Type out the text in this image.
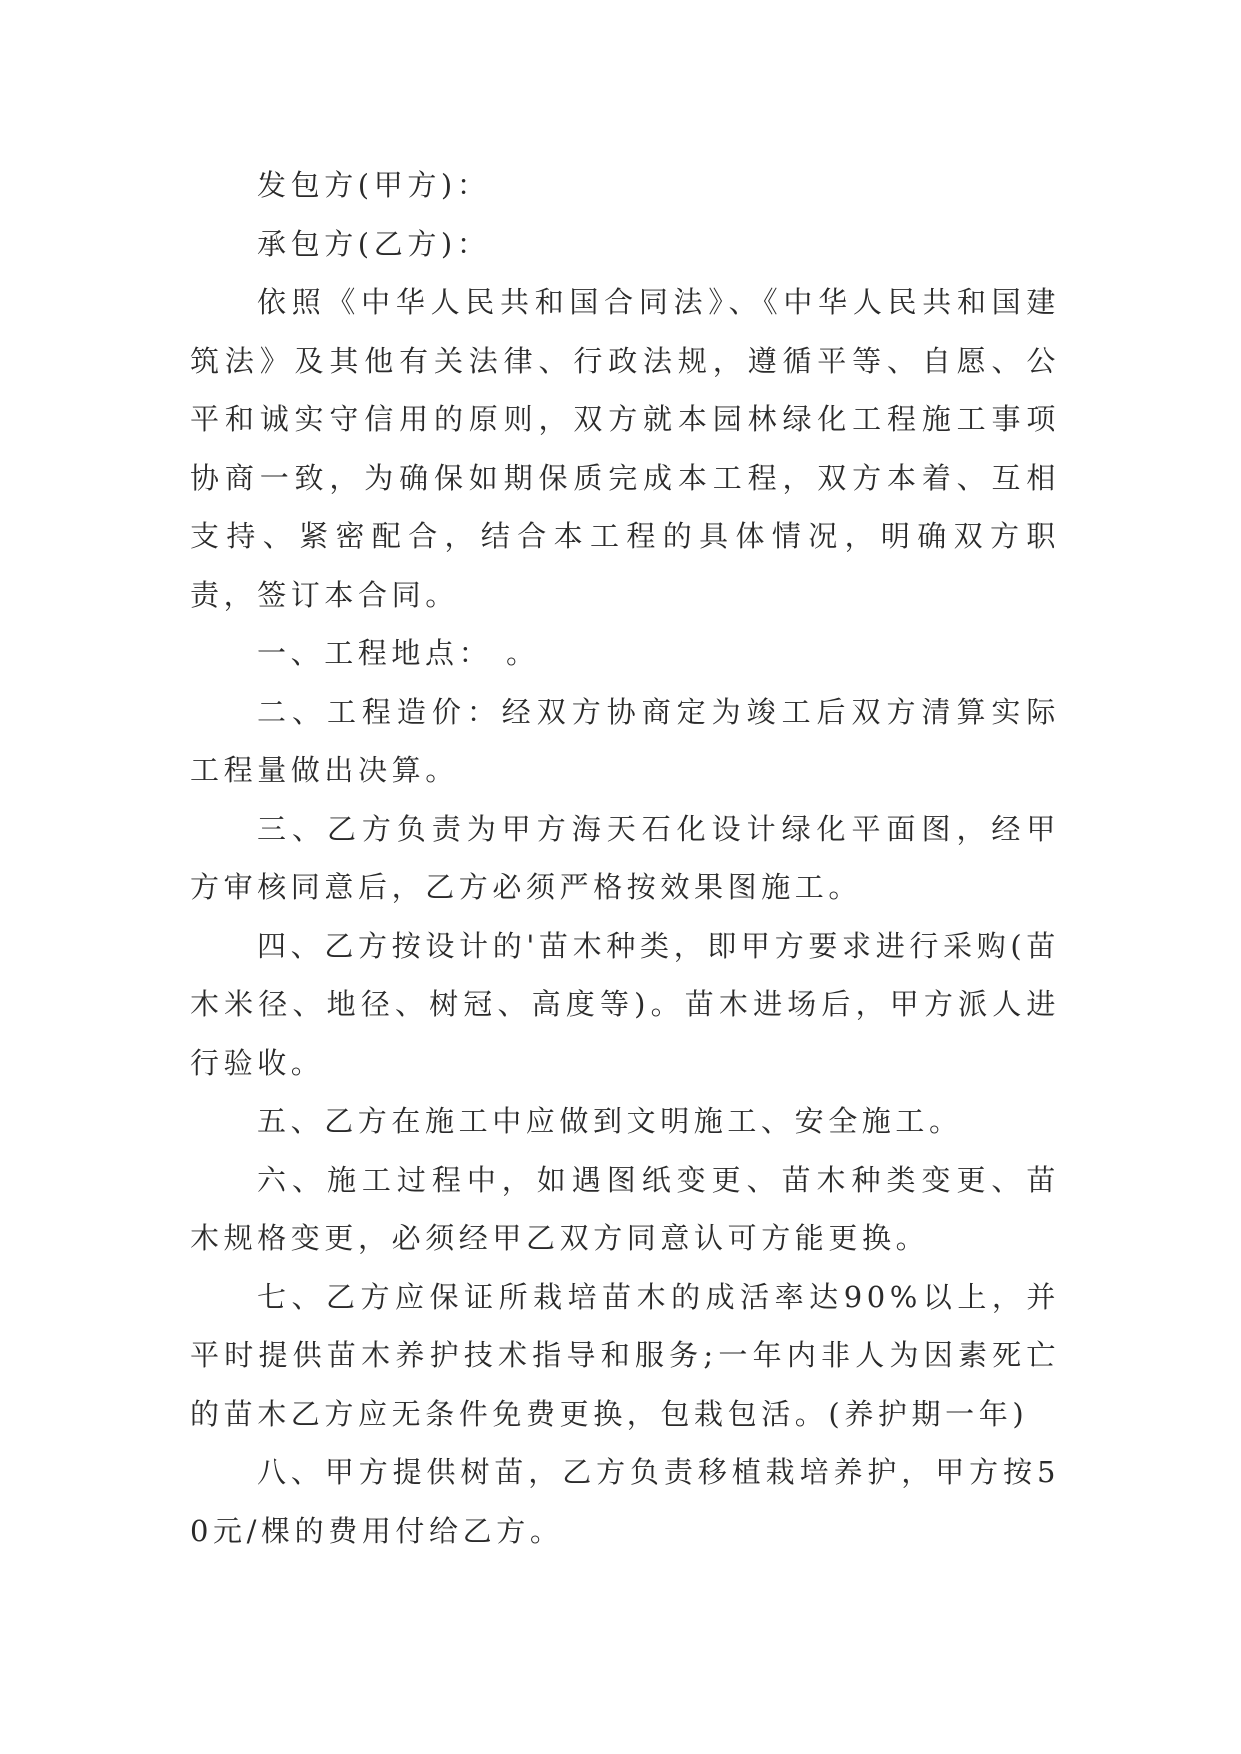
发包方(甲方)：

承包方(乙方)：

依照《中华人民共和国合同法》、《中华人民共和国建筑法》及其他有关法律、行政法规，遵循平等、自愿、公平和诚实守信用的原则，双方就本园林绿化工程施工事项协商一致，为确保如期保质完成本工程，双方本着、互相支持、紧密配合，结合本工程的具体情况，明确双方职责，签订本合同。

一、工程地点： 。

二、工程造价：经双方协商定为竣工后双方清算实际工程量做出决算。

三、乙方负责为甲方海天石化设计绿化平面图，经甲方审核同意后，乙方必须严格按效果图施工。

四、乙方按设计的'苗木种类，即甲方要求进行采购(苗木米径、地径、树冠、高度等)。苗木进场后，甲方派人进行验收。

五、乙方在施工中应做到文明施工、安全施工。

六、施工过程中，如遇图纸变更、苗木种类变更、苗木规格变更，必须经甲乙双方同意认可方能更换。

七、乙方应保证所栽培苗木的成活率达90%以上，并平时提供苗木养护技术指导和服务;一年内非人为因素死亡的苗木乙方应无条件免费更换，包栽包活。(养护期一年)

八、甲方提供树苗，乙方负责移植栽培养护，甲方按50元/棵的费用付给乙方。
